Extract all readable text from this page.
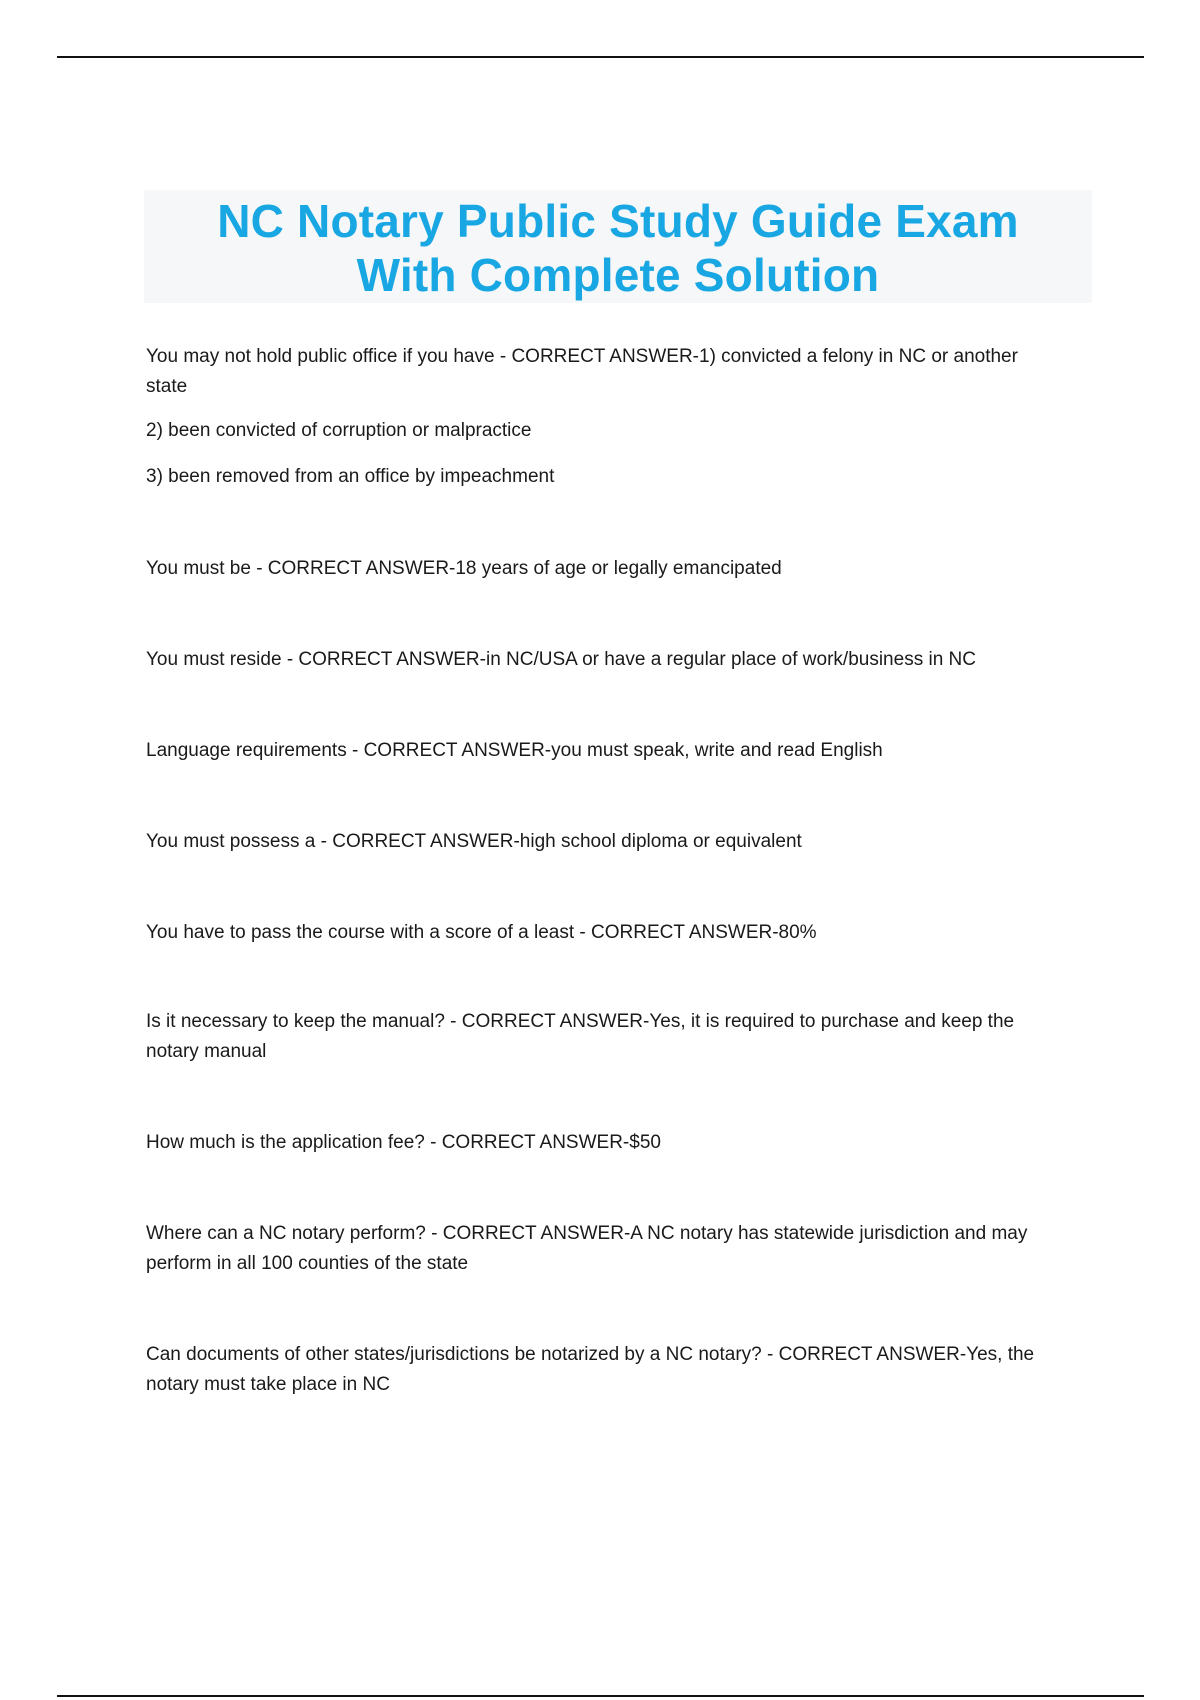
NC Notary Public Study Guide Exam
With Complete Solution

You may not hold public office if you have - CORRECT ANSWER-1) convicted a felony in NC or another
state
2) been convicted of corruption or malpractice
3) been removed from an office by impeachment

You must be - CORRECT ANSWER-18 years of age or legally emancipated

You must reside - CORRECT ANSWER-in NC/USA or have a regular place of work/business in NC

Language requirements - CORRECT ANSWER-you must speak, write and read English

You must possess a - CORRECT ANSWER-high school diploma or equivalent

You have to pass the course with a score of a least - CORRECT ANSWER-80%

Is it necessary to keep the manual? - CORRECT ANSWER-Yes, it is required to purchase and keep the
notary manual

How much is the application fee? - CORRECT ANSWER-$50

Where can a NC notary perform? - CORRECT ANSWER-A NC notary has statewide jurisdiction and may
perform in all 100 counties of the state

Can documents of other states/jurisdictions be notarized by a NC notary? - CORRECT ANSWER-Yes, the
notary must take place in NC
